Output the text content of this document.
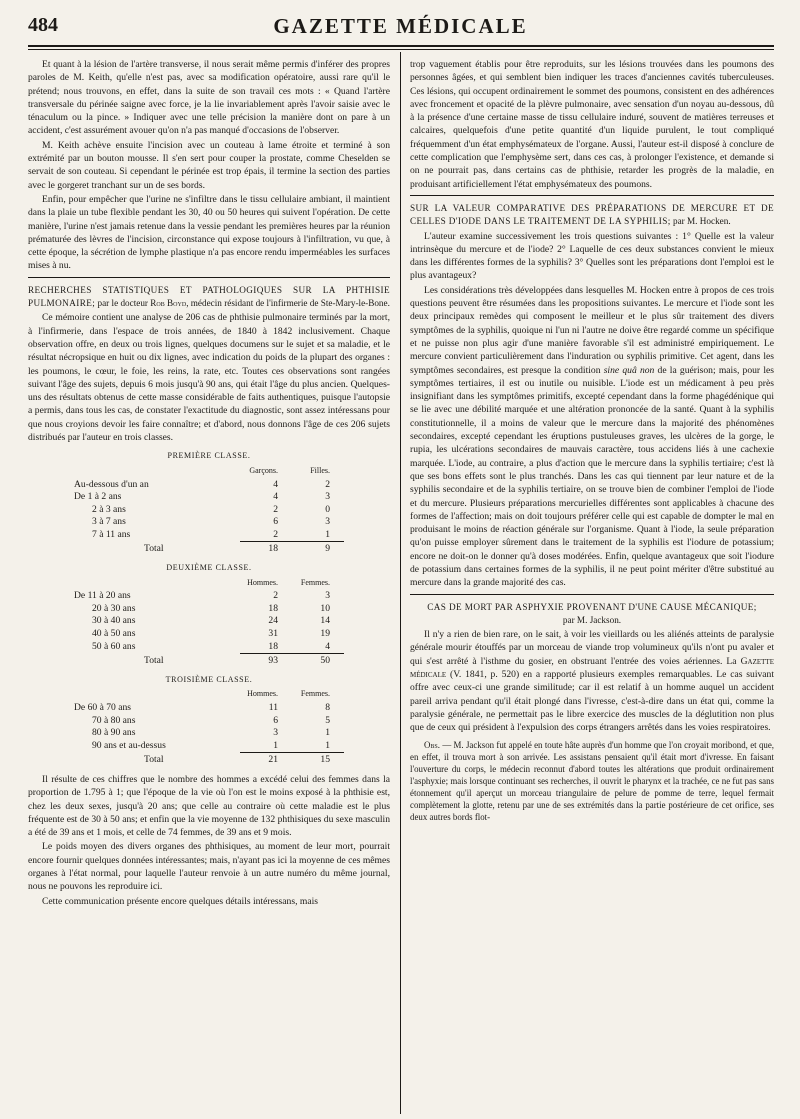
484	GAZETTE MÉDICALE

Et quant à la lésion de l'artère transverse, il nous serait même permis d'inférer des propres paroles de M. Keith, qu'elle n'est pas, avec sa modification opératoire, aussi rare qu'il le prétend; nous trouvons, en effet, dans la suite de son travail ces mots : « Quand l'artère transversale du périnée saigne avec force, je la lie invariablement après l'avoir saisie avec le ténaculum ou la pince. » Indiquer avec une telle précision la manière dont on pare à un accident, c'est assurément avouer qu'on n'a pas manqué d'occasions de l'observer.

M. Keith achève ensuite l'incision avec un couteau à lame étroite et terminé à son extrémité par un bouton mousse. Il s'en sert pour couper la prostate, comme Cheselden se servait de son couteau. Si cependant le périnée est trop épais, il termine la section des parties avec le gorgeret tranchant sur un de ses bords.

Enfin, pour empêcher que l'urine ne s'infiltre dans le tissu cellulaire ambiant, il maintient dans la plaie un tube flexible pendant les 30, 40 ou 50 heures qui suivent l'opération. De cette manière, l'urine n'est jamais retenue dans la vessie pendant les premières heures par la réunion prématurée des lèvres de l'incision, circonstance qui expose toujours à l'infiltration, vu que, à cette époque, la sécrétion de lymphe plastique n'a pas encore rendu imperméables les surfaces mises à nu.

RECHERCHES STATISTIQUES ET PATHOLOGIQUES SUR LA PHTHISIE PULMONAIRE; par le docteur Rob Boyd, médecin résidant de l'infirmerie de Ste-Mary-le-Bone.

Ce mémoire contient une analyse de 206 cas de phthisie pulmonaire terminés par la mort, à l'infirmerie, dans l'espace de trois années, de 1840 à 1842 inclusivement. Chaque observation offre, en deux ou trois lignes, quelques documens sur le sujet et sa maladie, et le résultat nécropsique en huit ou dix lignes, avec indication du poids de la plupart des organes : les poumons, le cœur, le foie, les reins, la rate, etc. Toutes ces observations sont rangées suivant l'âge des sujets, depuis 6 mois jusqu'à 90 ans, qui était l'âge du plus ancien. Quelques-uns des résultats obtenus de cette masse considérable de faits authentiques, puisque l'autopsie a permis, dans tous les cas, de constater l'exactitude du diagnostic, sont assez intéressans pour que nous croyions devoir les faire connaître; et d'abord, nous donnons l'âge de ces 206 sujets distribués par l'auteur en trois classes.

PREMIÈRE CLASSE.		
	Garçons.	Filles.
Au-dessous d'un an	4	2
De 1 à 2 ans	4	3
2 à 3 ans	2	0
3 à 7 ans	6	3
7 à 11 ans	2	1
Total	18	9
DEUXIÈME CLASSE.		
	Hommes.	Femmes.
De 11 à 20 ans	2	3
20 à 30 ans	18	10
30 à 40 ans	24	14
40 à 50 ans	31	19
50 à 60 ans	18	4
Total	93	50
TROISIÈME CLASSE.		
	Hommes.	Femmes.
De 60 à 70 ans	11	8
70 à 80 ans	6	5
80 à 90 ans	3	1
90 ans et au-dessus	1	1
Total	21	15

Il résulte de ces chiffres que le nombre des hommes a excédé celui des femmes dans la proportion de 1.795 à 1; que l'époque de la vie où l'on est le moins exposé à la phthisie est, chez les deux sexes, jusqu'à 20 ans; que celle au contraire où cette maladie est le plus fréquente est de 30 à 50 ans; et enfin que la vie moyenne de 132 phthisiques du sexe masculin a été de 39 ans et 1 mois, et celle de 74 femmes, de 39 ans et 9 mois.

Le poids moyen des divers organes des phthisiques, au moment de leur mort, pourrait encore fournir quelques données intéressantes; mais, n'ayant pas ici la moyenne de ces mêmes organes à l'état normal, pour laquelle l'auteur renvoie à un autre numéro du même journal, nous ne pouvons les reproduire ici.

Cette communication présente encore quelques détails intéressans, mais

trop vaguement établis pour être reproduits, sur les lésions trouvées dans les poumons des personnes âgées, et qui semblent bien indiquer les traces d'anciennes cavités tuberculeuses. Ces lésions, qui occupent ordinairement le sommet des poumons, consistent en des adhérences avec froncement et opacité de la plèvre pulmonaire, avec sensation d'un noyau au-dessous, dû à la présence d'une certaine masse de tissu cellulaire induré, souvent de matières terreuses et calcaires, quelquefois d'une petite quantité d'un liquide purulent, le tout compliqué fréquemment d'un état emphysémateux de l'organe. Aussi, l'auteur est-il disposé à conclure de cette complication que l'emphysème sert, dans ces cas, à prolonger l'existence, et demande si on ne pourrait pas, dans certains cas de phthisie, retarder les progrès de la maladie, en produisant artificiellement l'état emphysémateux des poumons.

SUR LA VALEUR COMPARATIVE DES PRÉPARATIONS DE MERCURE ET DE CELLES D'IODE DANS LE TRAITEMENT DE LA SYPHILIS; par M. Hocken.

L'auteur examine successivement les trois questions suivantes : 1° Quelle est la valeur intrinsèque du mercure et de l'iode? 2° Laquelle de ces deux substances convient le mieux dans les différentes formes de la syphilis? 3° Quelles sont les préparations dont l'emploi est le plus avantageux?

Les considérations très développées dans lesquelles M. Hocken entre à propos de ces trois questions peuvent être résumées dans les propositions suivantes. Le mercure et l'iode sont les deux principaux remèdes qui composent le meilleur et le plus sûr traitement des divers symptômes de la syphilis, quoique ni l'un ni l'autre ne doive être regardé comme un spécifique et ne puisse non plus agir d'une manière favorable s'il est administré empiriquement. Le mercure convient particulièrement dans l'induration ou syphilis primitive. Cet agent, dans les symptômes secondaires, est presque la condition sine quâ non de la guérison; mais, pour les symptômes tertiaires, il est ou inutile ou nuisible. L'iode est un médicament à peu près insignifiant dans les symptômes primitifs, excepté cependant dans la forme phagédénique qui se lie avec une débilité marquée et une altération prononcée de la santé. Quant à la syphilis constitutionnelle, il a moins de valeur que le mercure dans la majorité des phénomènes secondaires, excepté cependant les éruptions pustuleuses graves, les ulcères de la gorge, le rupia, les ulcérations secondaires de mauvais caractère, tous accidens liés à une cachexie marquée. L'iode, au contraire, a plus d'action que le mercure dans la syphilis tertiaire; c'est là que ses bons effets sont le plus tranchés. Dans les cas qui tiennent par leur nature et de la syphilis secondaire et de la syphilis tertiaire, on se trouve bien de combiner l'emploi de l'iode et du mercure. Plusieurs préparations mercurielles différentes sont applicables à chacune des formes de l'affection; mais on doit toujours préférer celle qui est capable de dompter le mal en produisant le moins de réaction générale sur l'organisme. Quant à l'iode, la seule préparation qu'on puisse employer sûrement dans le traitement de la syphilis est l'iodure de potassium; encore ne doit-on le donner qu'à doses modérées. Enfin, quelque avantageux que soit l'iodure de potassium dans certaines formes de la syphilis, il ne peut point mériter d'être substitué au mercure dans la grande majorité des cas.

CAS DE MORT PAR ASPHYXIE PROVENANT D'UNE CAUSE MÉCANIQUE;
par M. Jackson.

Il n'y a rien de bien rare, on le sait, à voir les vieillards ou les aliénés atteints de paralysie générale mourir étouffés par un morceau de viande trop volumineux qu'ils n'ont pu avaler et qui s'est arrêté à l'isthme du gosier, en obstruant l'entrée des voies aériennes. La Gazette médicale (V. 1841, p. 520) en a rapporté plusieurs exemples remarquables. Le cas suivant offre avec ceux-ci une grande similitude; car il est relatif à un homme auquel un accident pareil arriva pendant qu'il était plongé dans l'ivresse, c'est-à-dire dans un état qui, comme la paralysie générale, ne permettait pas le libre exercice des muscles de la déglutition non plus que de ceux qui président à l'expulsion des corps étrangers arrêtés dans les voies respiratoires.

Obs. — M. Jackson fut appelé en toute hâte auprès d'un homme que l'on croyait moribond, et que, en effet, il trouva mort à son arrivée. Les assistans pensaient qu'il était mort d'ivresse. En faisant l'ouverture du corps, le médecin reconnut d'abord toutes les altérations que produit ordinairement l'asphyxie; mais lorsque continuant ses recherches, il ouvrit le pharynx et la trachée, ce ne fut pas sans étonnement qu'il aperçut un morceau triangulaire de pelure de pomme de terre, lequel fermait complètement la glotte, retenu par une de ses extrémités dans la partie postérieure de cet orifice, ses deux autres bords flot-
